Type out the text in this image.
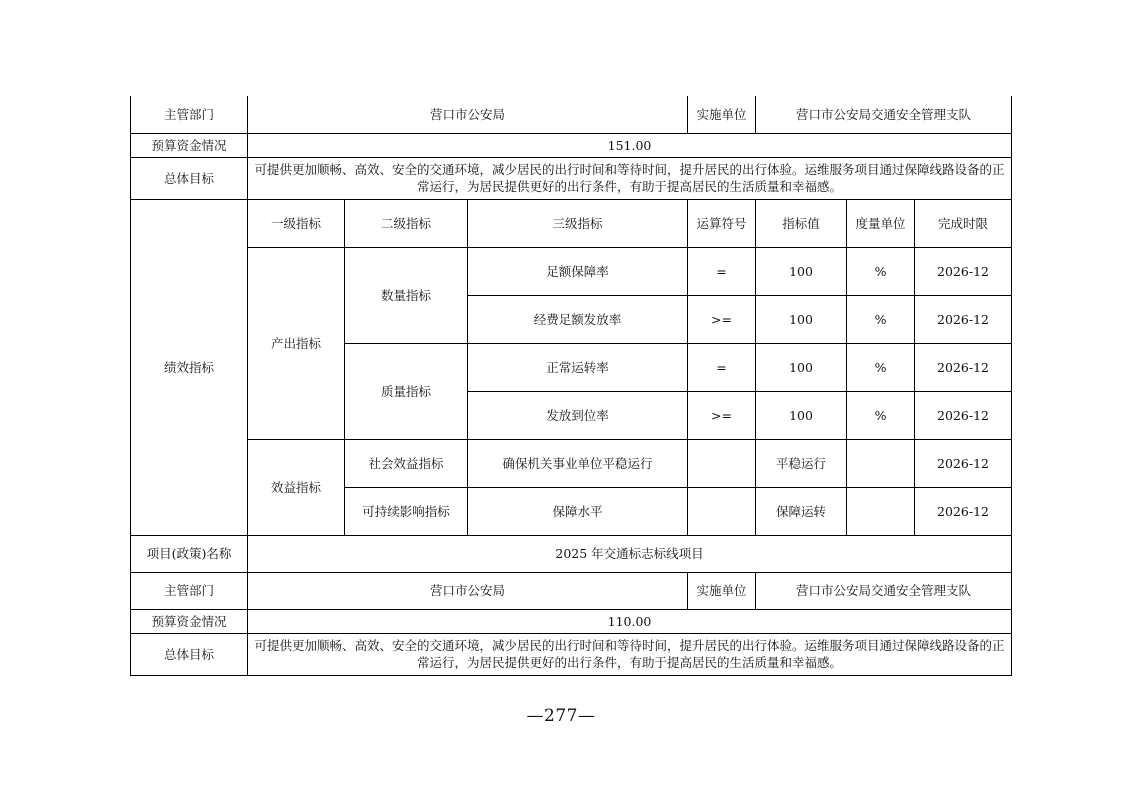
主管部门	营口市公安局			实施单位	营口市公安局交通安全管理支队		
预算资金情况	151.00						
总体目标	可提供更加顺畅、高效、安全的交通环境，减少居民的出行时间和等待时间，提升居民的出行体验。运维服务项目通过保障线路设备的正常运行，为居民提供更好的出行条件，有助于提高居民的生活质量和幸福感。						
绩效指标	一级指标	二级指标	三级指标	运算符号	指标值	度量单位	完成时限
	产出指标	数量指标	足额保障率	=	100	%	2026-12
			经费足额发放率	>=	100	%	2026-12
		质量指标	正常运转率	=	100	%	2026-12
			发放到位率	>=	100	%	2026-12
	效益指标	社会效益指标	确保机关事业单位平稳运行		平稳运行		2026-12
		可持续影响指标	保障水平		保障运转		2026-12
项目(政策)名称	2025 年交通标志标线项目						
主管部门	营口市公安局			实施单位	营口市公安局交通安全管理支队		
预算资金情况	110.00						
总体目标	可提供更加顺畅、高效、安全的交通环境，减少居民的出行时间和等待时间，提升居民的出行体验。运维服务项目通过保障线路设备的正常运行，为居民提供更好的出行条件，有助于提高居民的生活质量和幸福感。						
—277—
